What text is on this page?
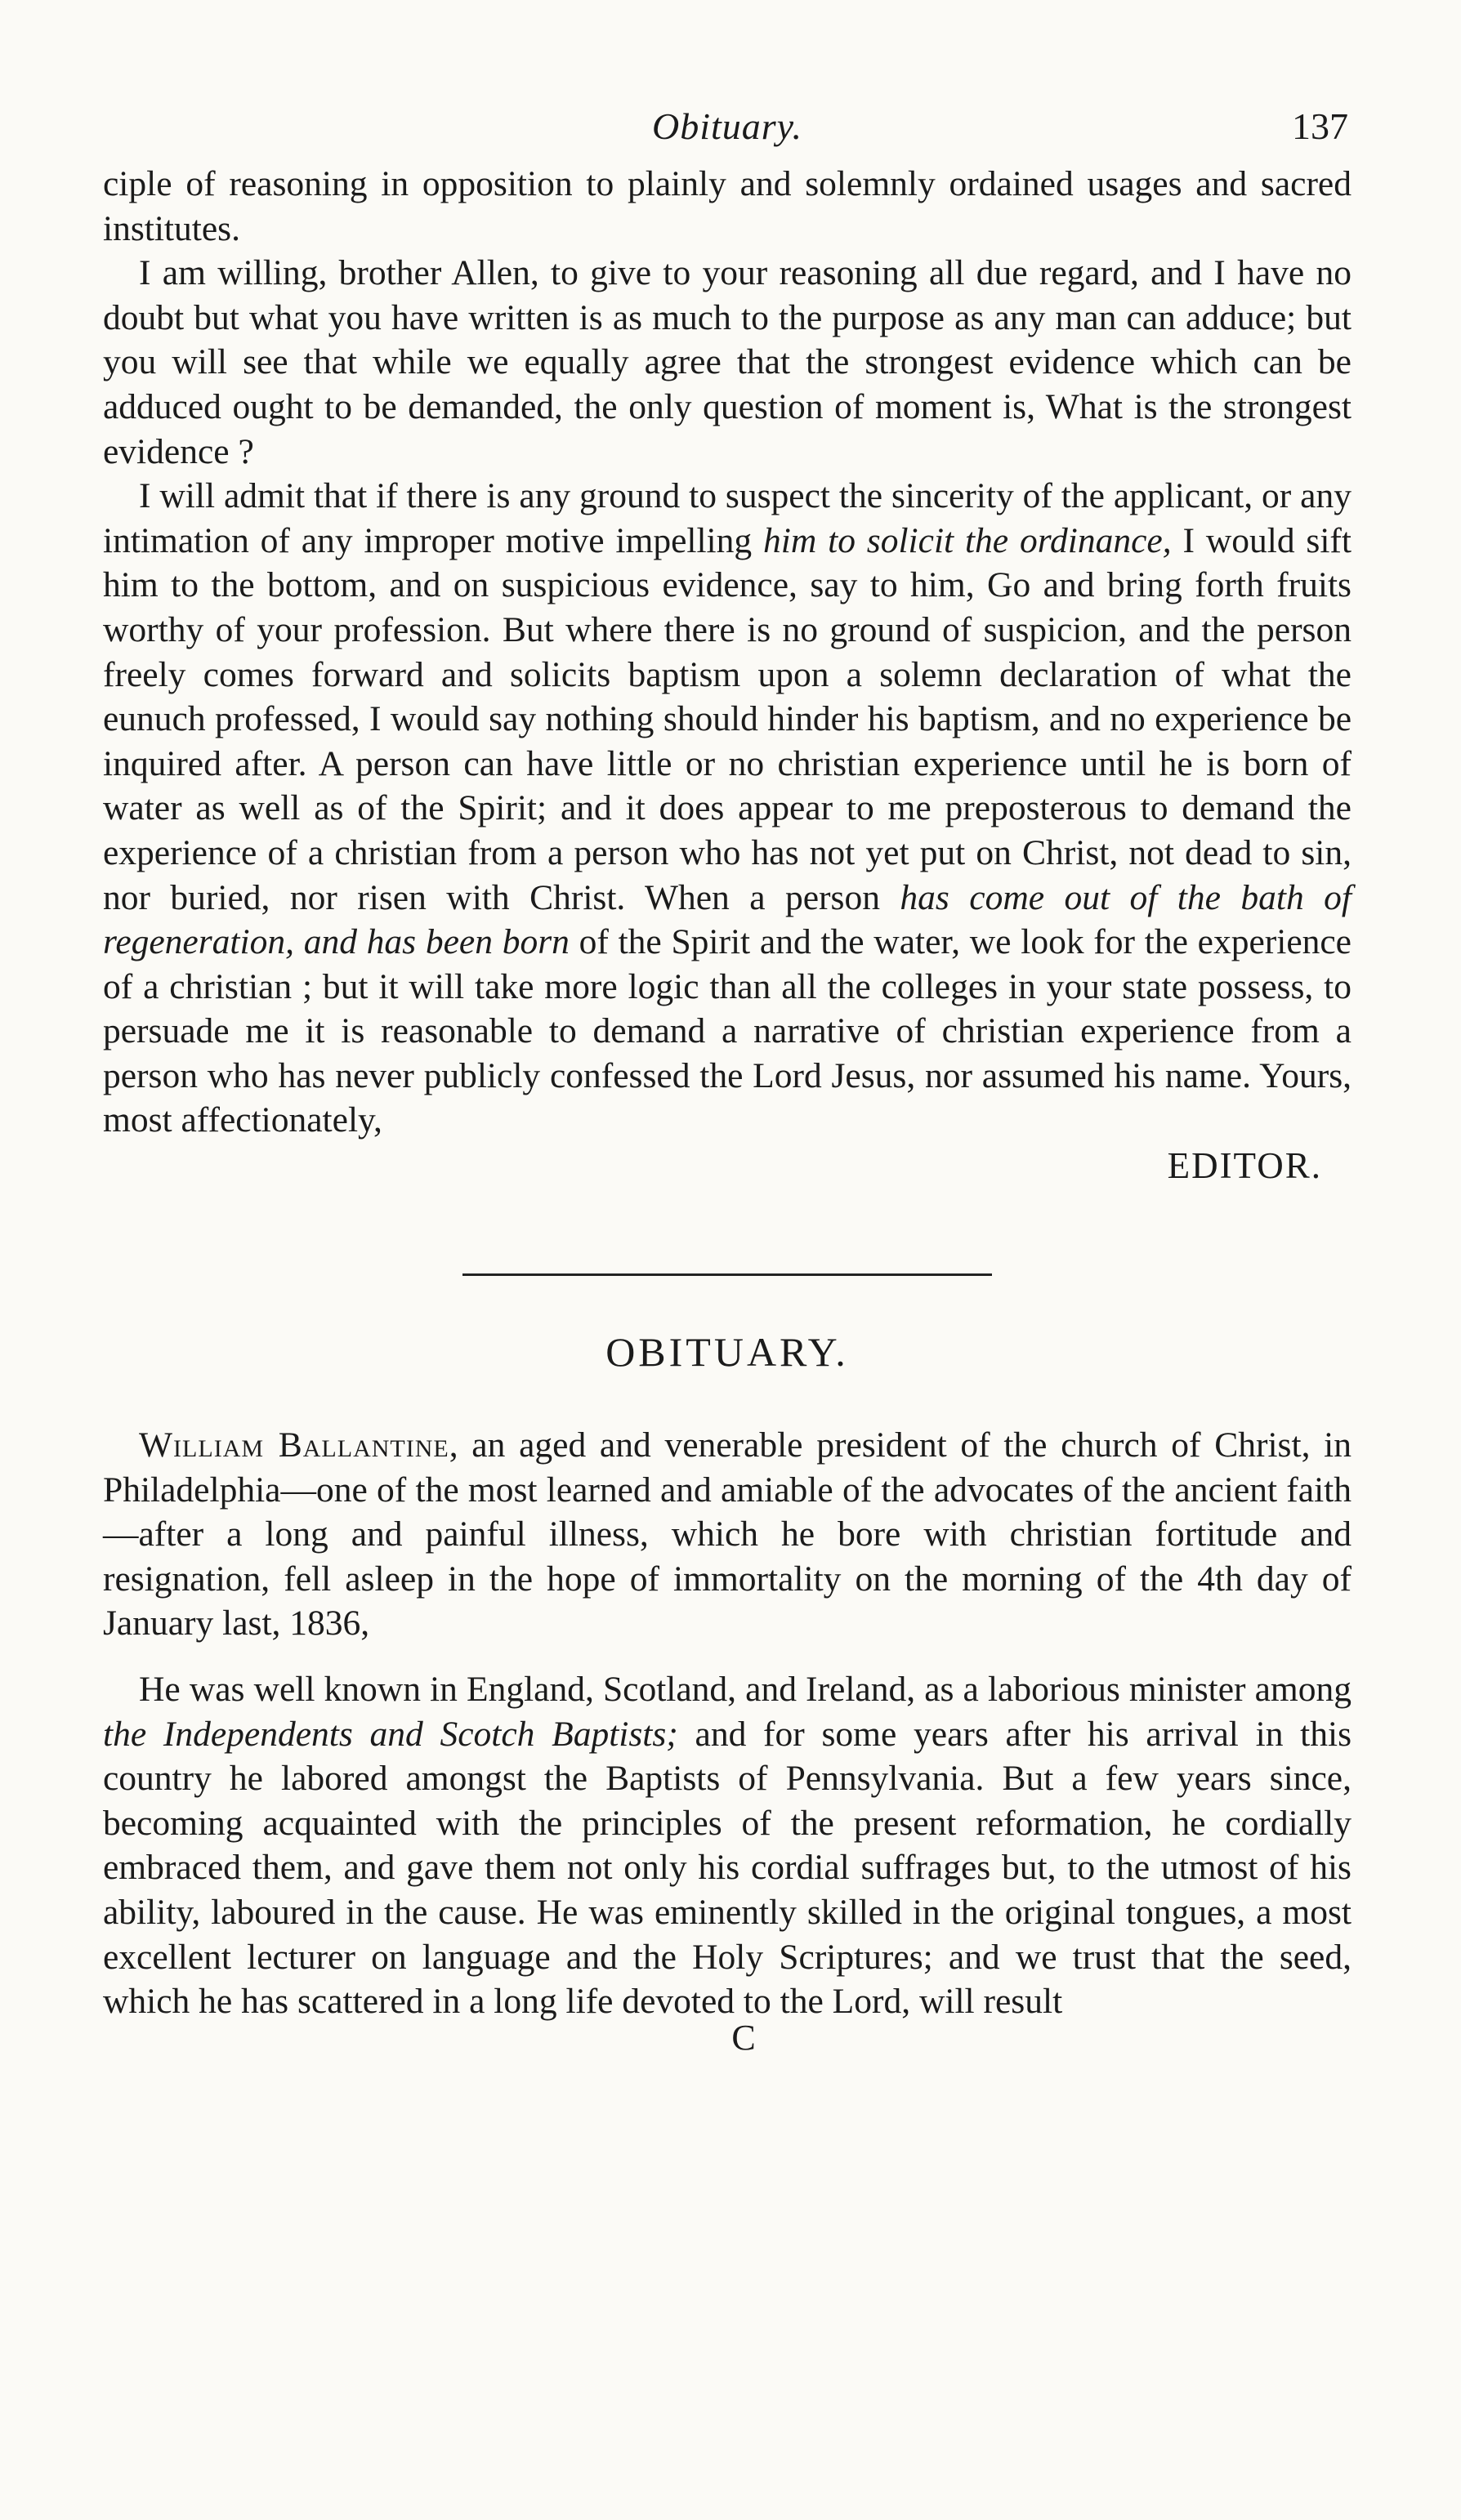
Obituary.	137

ciple of reasoning in opposition to plainly and solemnly ordained usages and sacred institutes.

I am willing, brother Allen, to give to your reasoning all due regard, and I have no doubt but what you have written is as much to the purpose as any man can adduce; but you will see that while we equally agree that the strongest evidence which can be adduced ought to be demanded, the only question of moment is, What is the strongest evidence ?

I will admit that if there is any ground to suspect the sincerity of the applicant, or any intimation of any improper motive impelling him to solicit the ordinance, I would sift him to the bottom, and on suspicious evidence, say to him, Go and bring forth fruits worthy of your profession. But where there is no ground of suspicion, and the person freely comes forward and solicits baptism upon a solemn declaration of what the eunuch professed, I would say nothing should hinder his baptism, and no experience be inquired after. A person can have little or no christian experience until he is born of water as well as of the Spirit; and it does appear to me preposterous to demand the experience of a christian from a person who has not yet put on Christ, not dead to sin, nor buried, nor risen with Christ. When a person has come out of the bath of regeneration, and has been born of the Spirit and the water, we look for the experience of a christian ; but it will take more logic than all the colleges in your state possess, to persuade me it is reasonable to demand a narrative of christian experience from a person who has never publicly confessed the Lord Jesus, nor assumed his name. Yours, most affectionately,

EDITOR.
OBITUARY.

William Ballantine, an aged and venerable president of the church of Christ, in Philadelphia—one of the most learned and amiable of the advocates of the ancient faith—after a long and painful illness, which he bore with christian fortitude and resignation, fell asleep in the hope of immortality on the morning of the 4th day of January last, 1836,

He was well known in England, Scotland, and Ireland, as a laborious minister among the Independents and Scotch Baptists; and for some years after his arrival in this country he labored amongst the Baptists of Pennsylvania. But a few years since, becoming acquainted with the principles of the present reformation, he cordially embraced them, and gave them not only his cordial suffrages but, to the utmost of his ability, laboured in the cause. He was eminently skilled in the original tongues, a most excellent lecturer on language and the Holy Scriptures; and we trust that the seed, which he has scattered in a long life devoted to the Lord, will result

C
